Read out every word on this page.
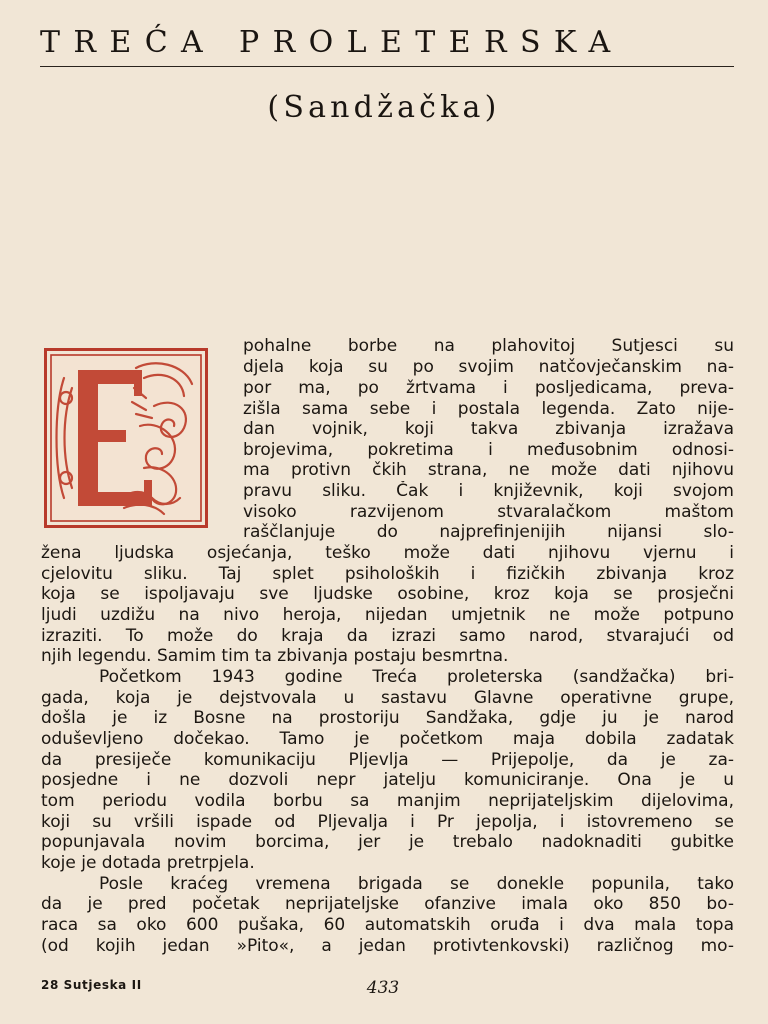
TREĆA PROLETERSKA
(Sandžačka)
pohalne borbe na plahovitoj Sutjesci su
djela koja su po svojim natčovječanskim na-
por ma, po žrtvama i posljedicama, preva-
zišla sama sebe i postala legenda. Zato nije-
dan vojnik, koji takva zbivanja izražava
brojevima, pokretima i međusobnim odnosi-
ma protivn čkih strana, ne može dati njihovu
pravu sliku. Čak i književnik, koji svojom
visoko razvijenom stvaralačkom maštom
raščlanjuje do najprefinjenijih nijansi slo-
žena ljudska osjećanja, teško može dati njihovu vjernu i
cjelovitu sliku. Taj splet psiholoških i fizičkih zbivanja kroz
koja se ispoljavaju sve ljudske osobine, kroz koja se prosječni
ljudi uzdižu na nivo heroja, nijedan umjetnik ne može potpuno
izraziti. To može do kraja da izrazi samo narod, stvarajući od
njih legendu. Samim tim ta zbivanja postaju besmrtna.
Početkom 1943 godine Treća proleterska (sandžačka) bri-
gada, koja je dejstvovala u sastavu Glavne operativne grupe,
došla je iz Bosne na prostoriju Sandžaka, gdje ju je narod
oduševljeno dočekao. Tamo je početkom maja dobila zadatak
da presiječe komunikaciju Pljevlja — Prijepolje, da je za-
posjedne i ne dozvoli nepr jatelju komuniciranje. Ona je u
tom periodu vodila borbu sa manjim neprijateljskim dijelovima,
koji su vršili ispade od Pljevalja i Pr jepolja, i istovremeno se
popunjavala novim borcima, jer je trebalo nadoknaditi gubitke
koje je dotada pretrpjela.
Posle kraćeg vremena brigada se donekle popunila, tako
da je pred početak neprijateljske ofanzive imala oko 850 bo-
raca sa oko 600 pušaka, 60 automatskih oruđa i dva mala topa
(od kojih jedan »Pito«, a jedan protivtenkovski) različnog mo-
28 Sutjeska II	433
